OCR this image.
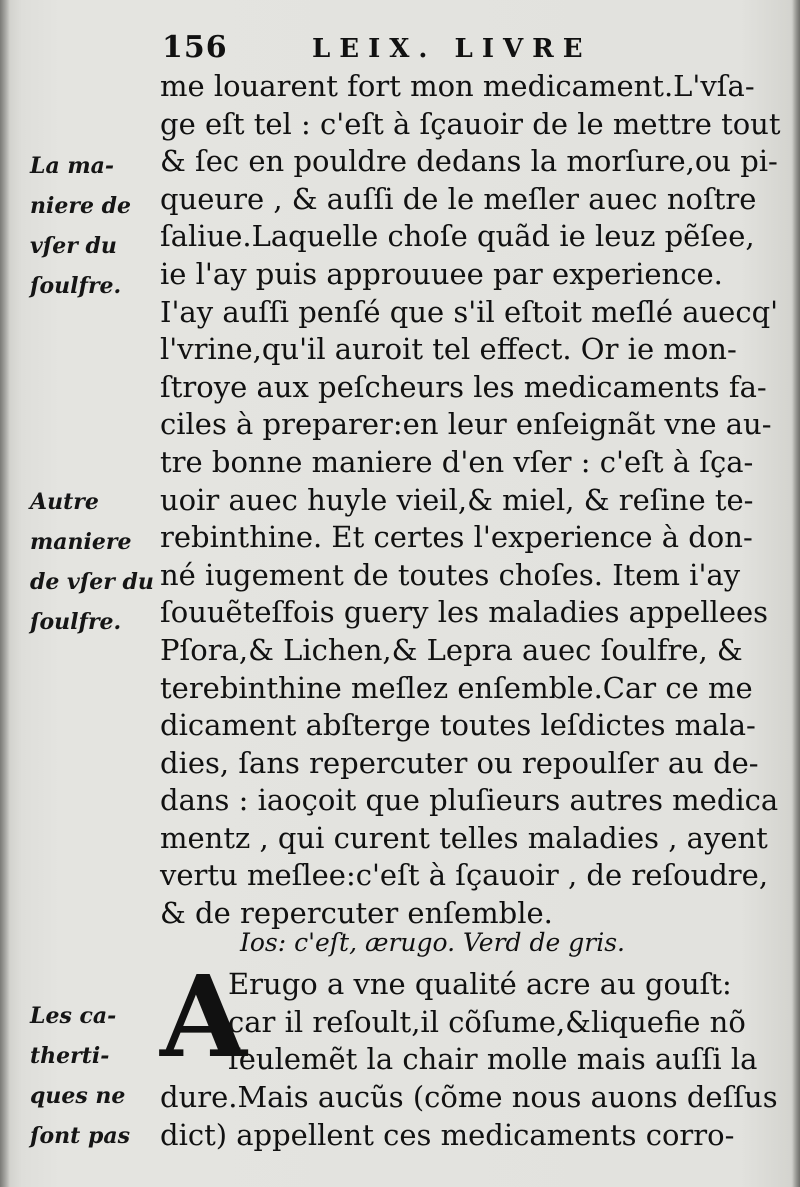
156	LEIX. LIVRE
me louarent fort mon medicament.L'vſa-
ge eſt tel : c'eſt à ſçauoir de le mettre tout
& ſec en pouldre dedans la morſure,ou pi-
queure , & auſſi de le meſler auec noſtre
ſaliue.Laquelle choſe quãd ie leuz pẽſee,
ie l'ay puis approuuee par experience.
I'ay auſſi penſé que s'il eſtoit meſlé auecq'
l'vrine,qu'il auroit tel effect. Or ie mon-
ſtroye aux peſcheurs les medicaments fa-
ciles à preparer:en leur enſeignãt vne au-
tre bonne maniere d'en vſer : c'eſt à ſça-
uoir auec huyle vieil,& miel, & reſine te-
rebinthine. Et certes l'experience à don-
né iugement de toutes choſes. Item i'ay
ſouuẽteſfois guery les maladies appellees
Pſora,& Lichen,& Lepra auec ſoulfre, &
terebinthine meſlez enſemble.Car ce me
dicament abſterge toutes leſdictes mala-
dies, ſans repercuter ou repoulſer au de-
dans : iaoçoit que pluſieurs autres medica
mentz , qui curent telles maladies , ayent
vertu meſlee:c'eſt à ſçauoir , de reſoudre,
& de repercuter enſemble.
Ios: c'eſt, ærugo. Verd de gris.
A
Erugo a vne qualité acre au gouſt:
car il reſoult,il cõſume,&liquefie nõ
ſeulemẽt la chair molle mais auſſi la
dure.Mais aucũs (cõme nous auons deſſus
dict) appellent ces medicaments corro-
La ma-
niere de
vſer du
ſoulfre.
Autre
maniere
de vſer du
ſoulfre.
Les ca-
therti-
ques ne
ſont pas
